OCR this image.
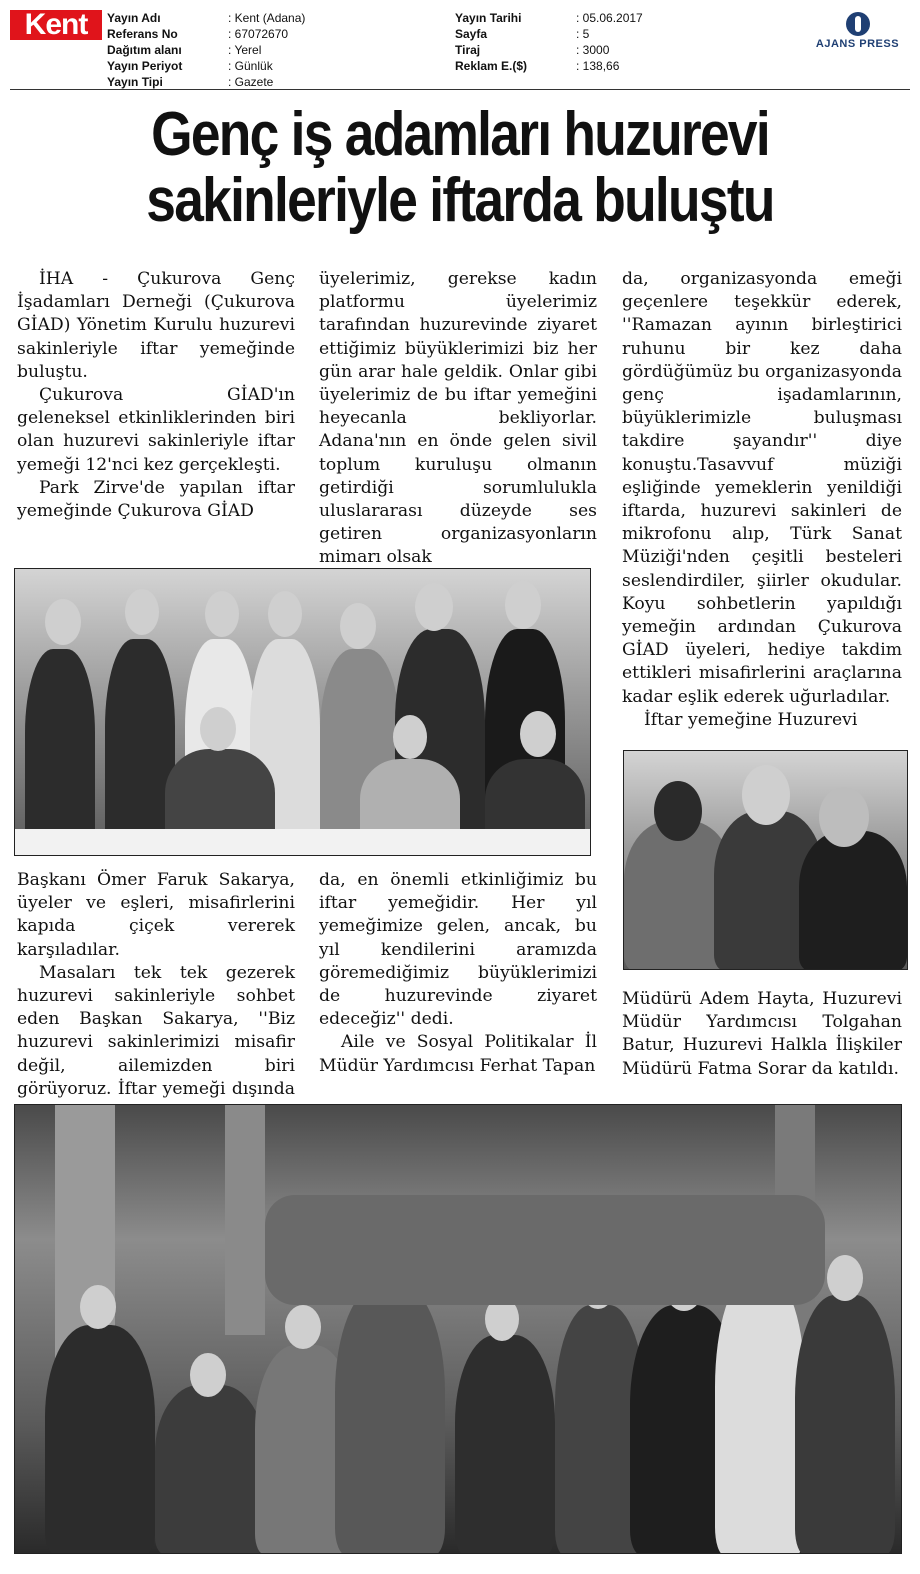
Kent	Yayın Adı	: Kent (Adana)
Referans No	: 67072670
Dağıtım alanı	: Yerel
Yayın Periyot	: Günlük
Yayın Tipi	: Gazete
Yayın Tarihi	: 05.06.2017
Sayfa	: 5
Tiraj	: 3000
Reklam E.($)	: 138,66
AJANS PRESS
Genç iş adamları huzurevi
sakinleriyle iftarda buluştu

İHA - Çukurova Genç İşadamları Derneği (Çukurova GİAD) Yönetim Kurulu huzurevi sakinleriyle iftar yemeğinde buluştu.

Çukurova GİAD'ın geleneksel etkinliklerinden biri olan huzurevi sakinleriyle iftar yemeği 12'nci kez gerçekleşti.

Park Zirve'de yapılan iftar yemeğinde Çukurova GİAD

üyelerimiz, gerekse kadın platformu üyelerimiz tarafından huzurevinde ziyaret ettiğimiz büyüklerimizi biz her gün arar hale geldik. Onlar gibi üyelerimiz de bu iftar yemeğini heyecanla bekliyorlar. Adana'nın en önde gelen sivil toplum kuruluşu olmanın getirdiği sorumlulukla uluslararası düzeyde ses getiren organizasyonların mimarı olsak

da, organizasyonda emeği geçenlere teşekkür ederek, ''Ramazan ayının birleştirici ruhunu bir kez daha gördüğümüz bu organizasyonda genç işadamlarının, büyüklerimizle buluşması takdire şayandır'' diye konuştu.Tasavvuf müziği eşliğinde yemeklerin yenildiği iftarda, huzurevi sakinleri de mikrofonu alıp, Türk Sanat Müziği'nden çeşitli besteleri seslendirdiler, şiirler okudular. Koyu sohbetlerin yapıldığı yemeğin ardından Çukurova GİAD üyeleri, hediye takdim ettikleri misafirlerini araçlarına kadar eşlik ederek uğurladılar.

İftar yemeğine Huzurevi

Başkanı Ömer Faruk Sakarya, üyeler ve eşleri, misafirlerini kapıda çiçek vererek karşıladılar.

Masaları tek tek gezerek huzurevi sakinleriyle sohbet eden Başkan Sakarya, ''Biz huzurevi sakinlerimizi misafir değil, ailemizden biri görüyoruz. İftar yemeği dışında

da, en önemli etkinliğimiz bu iftar yemeğidir. Her yıl yemeğimize gelen, ancak, bu yıl kendilerini aramızda göremediğimiz büyüklerimizi de huzurevinde ziyaret edeceğiz'' dedi.

Aile ve Sosyal Politikalar İl Müdür Yardımcısı Ferhat Tapan

Müdürü Adem Hayta, Huzurevi Müdür Yardımcısı Tolgahan Batur, Huzurevi Halkla İlişkiler Müdürü Fatma Sorar da katıldı.
